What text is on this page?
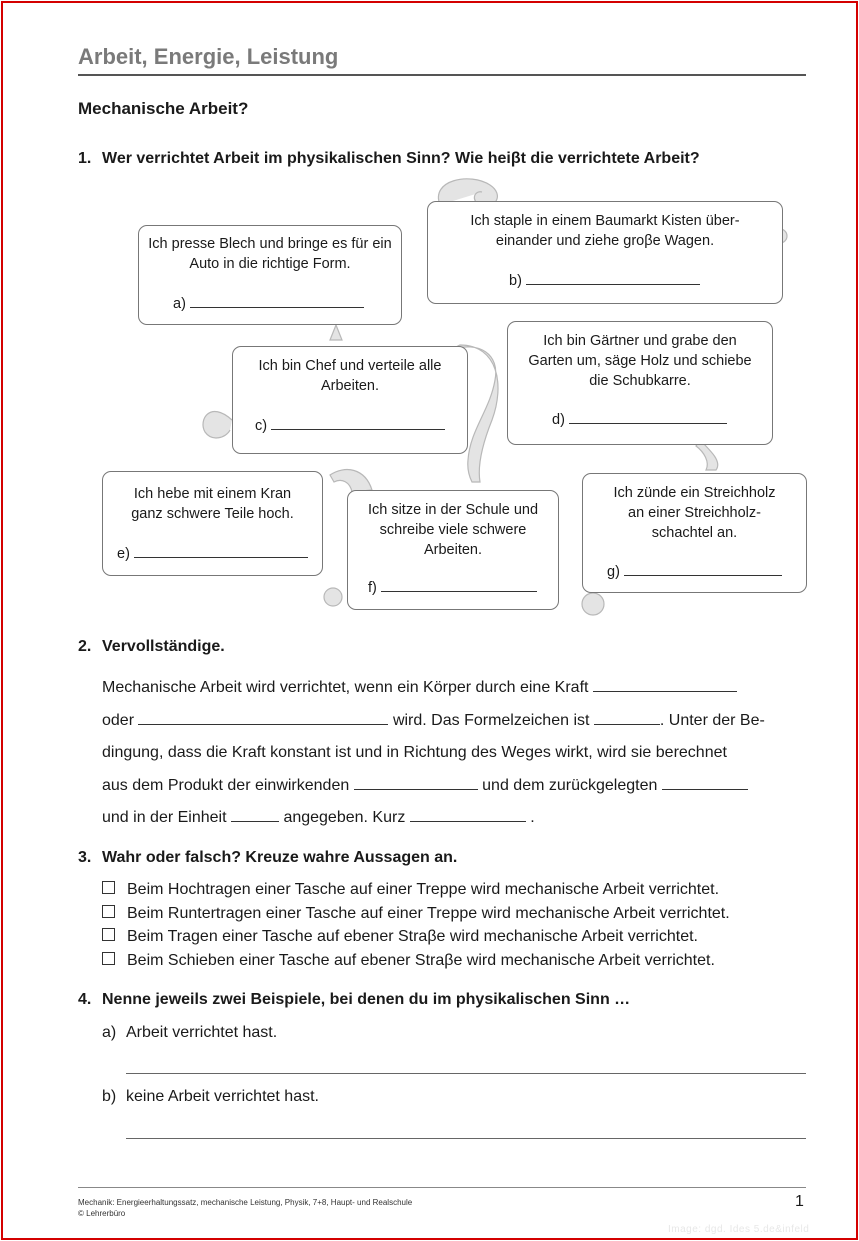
Arbeit, Energie, Leistung
Mechanische Arbeit?
1. Wer verrichtet Arbeit im physikalischen Sinn? Wie heiβt die verrichtete Arbeit?
Ich presse Blech und bringe es für ein Auto in die richtige Form.
a)
Ich staple in einem Baumarkt Kisten über-einander und ziehe groβe Wagen.
b)
Ich bin Chef und verteile alle Arbeiten.
c)
Ich bin Gärtner und grabe den Garten um, säge Holz und schiebe die Schubkarre.
d)
Ich hebe mit einem Kran ganz schwere Teile hoch.
e)
Ich sitze in der Schule und schreibe viele schwere Arbeiten.
f)
Ich zünde ein Streichholz an einer Streichholz-schachtel an.
g)
2. Vervollständige.
Mechanische Arbeit wird verrichtet, wenn ein Körper durch eine Kraft
oder	wird. Das Formelzeichen ist	. Unter der Be-
dingung, dass die Kraft konstant ist und in Richtung des Weges wirkt, wird sie berechnet
aus dem Produkt der einwirkenden	und dem zurückgelegten
und in der Einheit	angegeben. Kurz	.
3. Wahr oder falsch? Kreuze wahre Aussagen an.
Beim Hochtragen einer Tasche auf einer Treppe wird mechanische Arbeit verrichtet.
Beim Runtertragen einer Tasche auf einer Treppe wird mechanische Arbeit verrichtet.
Beim Tragen einer Tasche auf ebener Straβe wird mechanische Arbeit verrichtet.
Beim Schieben einer Tasche auf ebener Straβe wird mechanische Arbeit verrichtet.
4. Nenne jeweils zwei Beispiele, bei denen du im physikalischen Sinn …
a) Arbeit verrichtet hast.
b) keine Arbeit verrichtet hast.
Mechanik: Energieerhaltungssatz, mechanische Leistung, Physik, 7+8, Haupt- und Realschule
© Lehrerbüro
1
Image: dgd. Ides 5.de&infeld
